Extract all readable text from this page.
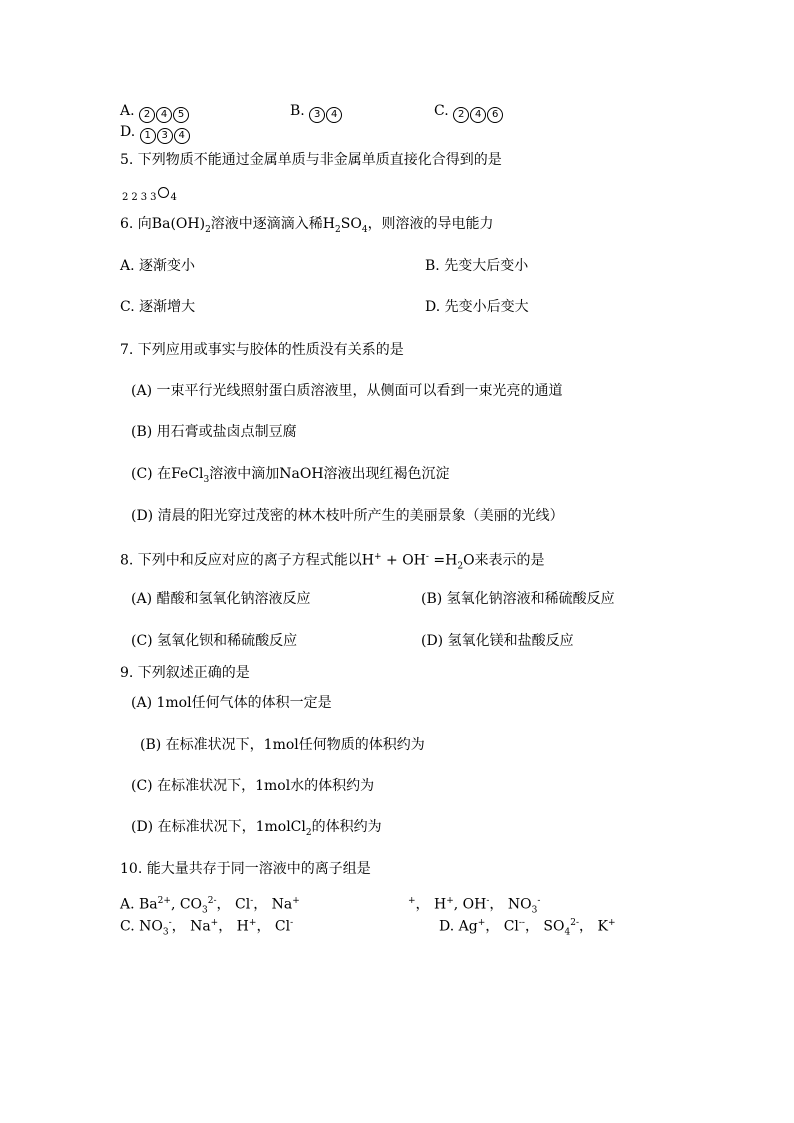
A. 2 4 5	B. 3 4	C. 2 4 6
D. 1 3 4
5. 下列物质不能通过金属单质与非金属单质直接化合得到的是
2233 4
6. 向$Ba(OH)_2$溶液中逐滴滴入稀$H_2SO_4$，则溶液的导电能力
A. 逐渐变小	B. 先变大后变小
C. 逐渐增大	D. 先变小后变大
7. 下列应用或事实与胶体的性质没有关系的是
(A) 一束平行光线照射蛋白质溶液里，从侧面可以看到一束光亮的通道
(B) 用石膏或盐卤点制豆腐
(C) 在FeCl$_3$溶液中滴加NaOH溶液出现红褐色沉淀
(D) 清晨的阳光穿过茂密的林木枝叶所产生的美丽景象（美丽的光线）
8. 下列中和反应对应的离子方程式能以$H^+ + OH^- =H_2O$来表示的是
(A) 醋酸和氢氧化钠溶液反应	(B) 氢氧化钠溶液和稀硫酸反应
(C) 氢氧化钡和稀硫酸反应	(D) 氢氧化镁和盐酸反应
9. 下列叙述正确的是
(A) 1mol任何气体的体积一定是
(B) 在标准状况下，1mol任何物质的体积约为
(C) 在标准状况下，1mol水的体积约为
(D) 在标准状况下，1molCl$_2$的体积约为
10. 能大量共存于同一溶液中的离子组是
A. $Ba^{2+}$, $CO_3^{2-}$， Cl-， Na+	+， H+, OH-， $NO_3^-$
C. $NO_3^-$， Na+， H+， Cl-	D. Ag+， Cl--， $SO_4^{2-}$， K+
